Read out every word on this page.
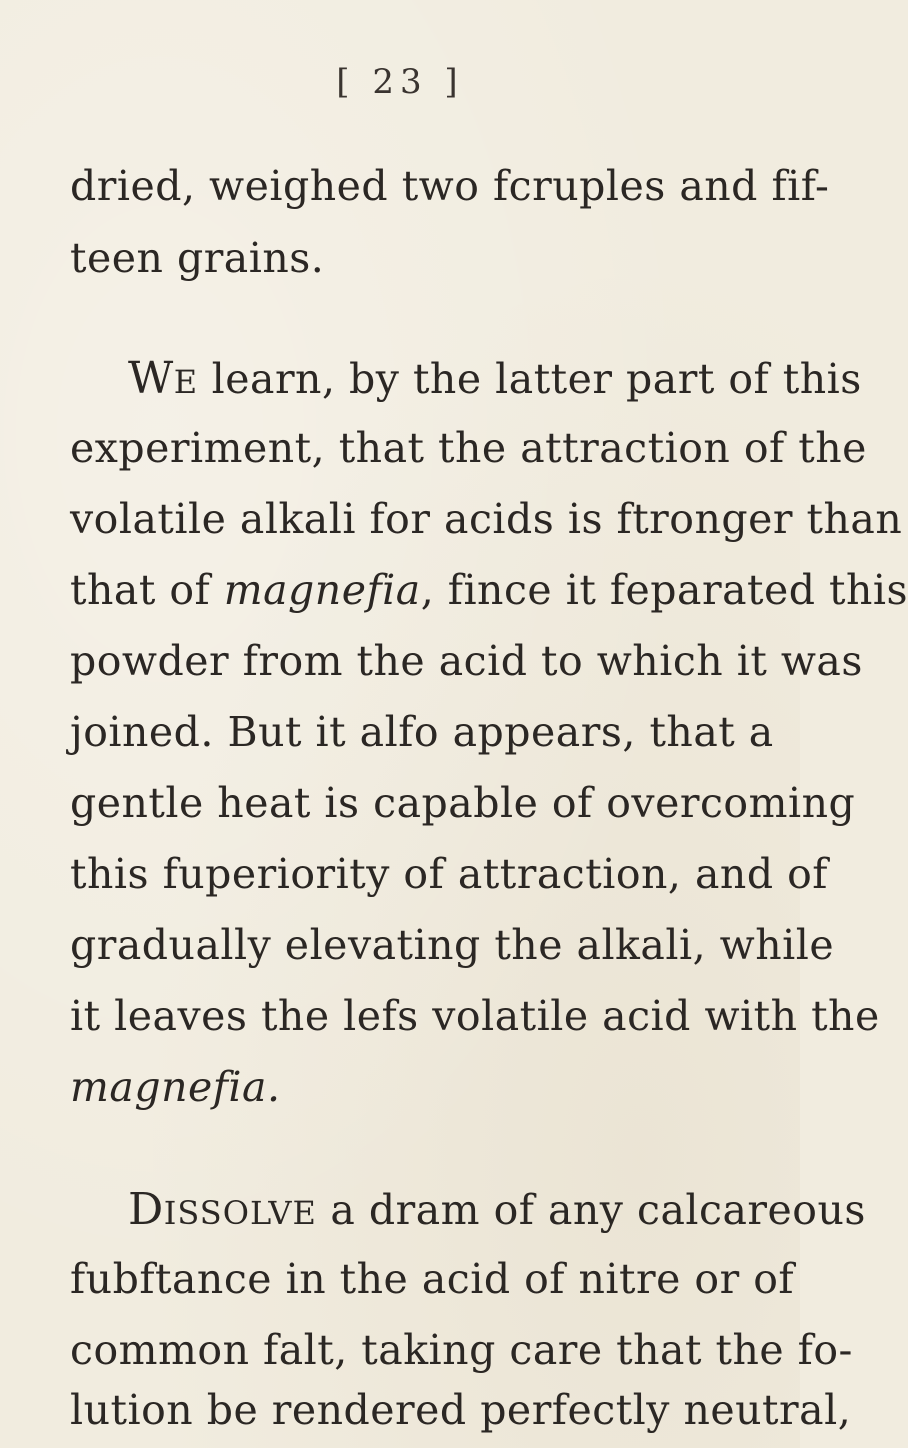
[ 23 ]
dried, weighed two fcruples and fif-
teen grains.
WE learn, by the latter part of this
experiment, that the attraction of the
volatile alkali for acids is ftronger than
that of magnefia, fince it feparated this
powder from the acid to which it was
joined. But it alfo appears, that a
gentle heat is capable of overcoming
this fuperiority of attraction, and of
gradually elevating the alkali, while
it leaves the lefs volatile acid with the
magnefia.
DISSOLVE a dram of any calcareous
fubftance in the acid of nitre or of
common falt, taking care that the fo-
lution be rendered perfectly neutral,
